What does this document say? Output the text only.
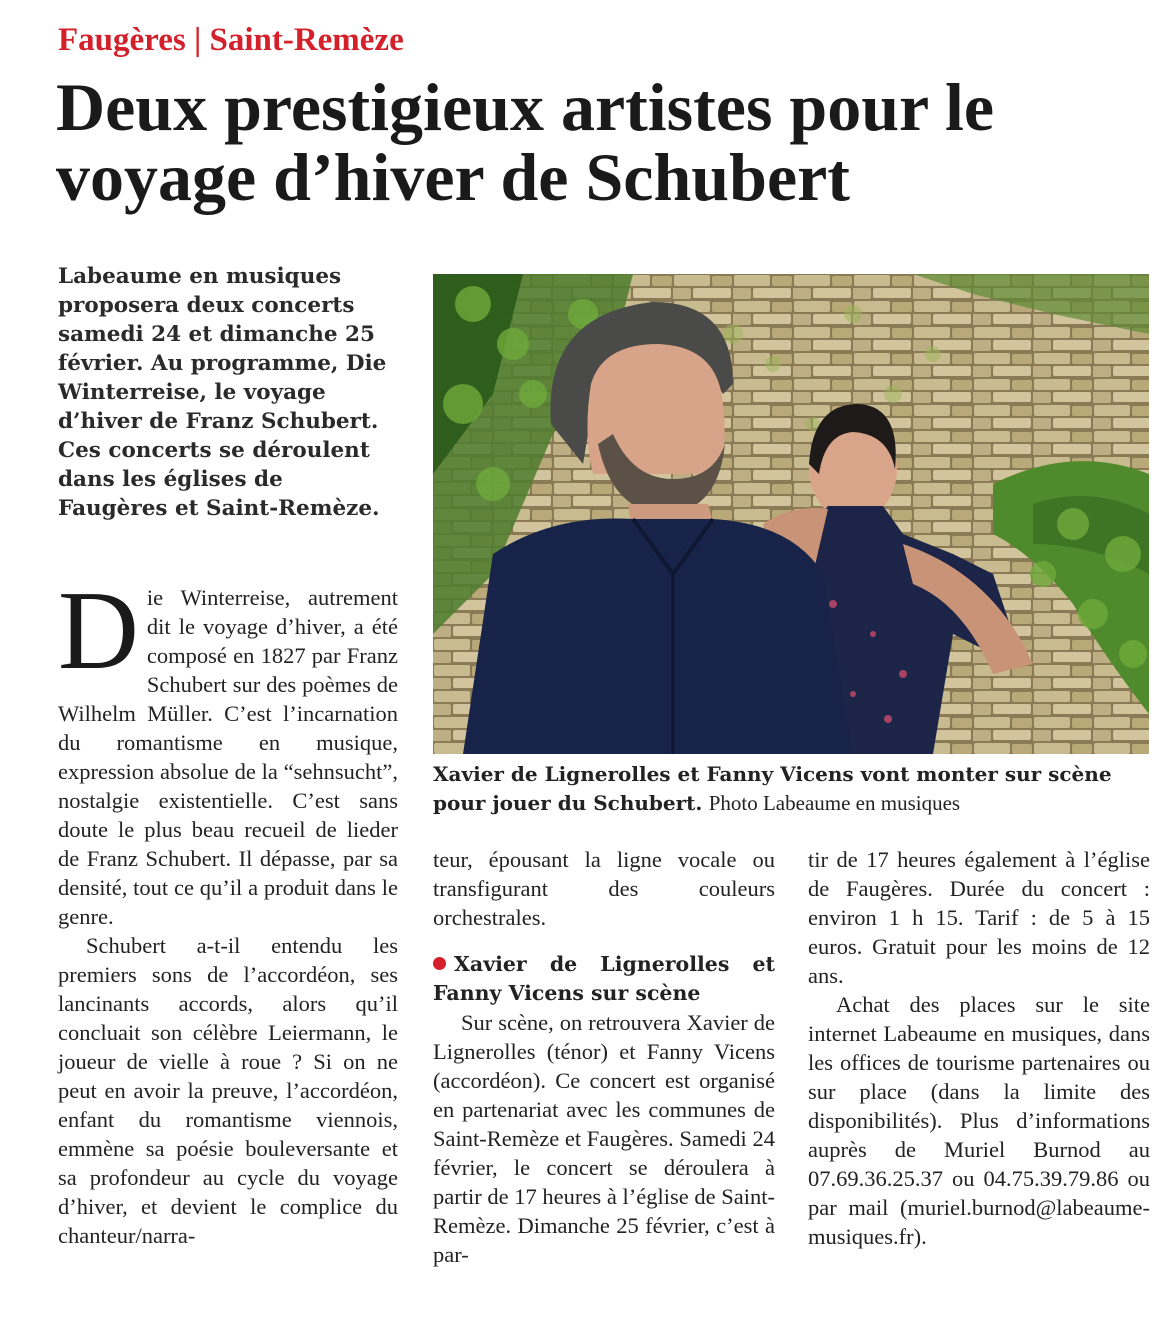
Faugères | Saint-Remèze
Deux prestigieux artistes pour le voyage d’hiver de Schubert
Labeaume en musiques proposera deux concerts samedi 24 et dimanche 25 février. Au programme, Die Winterreise, le voyage d’hiver de Franz Schubert. Ces concerts se déroulent dans les églises de Faugères et Saint-Remèze.
Xavier de Lignerolles et Fanny Vicens vont monter sur scène pour jouer du Schubert. Photo Labeaume en musiques

Die Winterreise, autrement dit le voyage d’hiver, a été composé en 1827 par Franz Schubert sur des poèmes de Wilhelm Müller. C’est l’incarnation du romantisme en musique, expression absolue de la “sehnsucht”, nostalgie existentielle. C’est sans doute le plus beau recueil de lieder de Franz Schubert. Il dépasse, par sa densité, tout ce qu’il a produit dans le genre.

Schubert a-t-il entendu les premiers sons de l’accordéon, ses lancinants accords, alors qu’il concluait son célèbre Leiermann, le joueur de vielle à roue ? Si on ne peut en avoir la preuve, l’accordéon, enfant du romantisme viennois, emmène sa poésie bouleversante et sa profondeur au cycle du voyage d’hiver, et devient le complice du chanteur/narra-

teur, épousant la ligne vocale ou transfigurant des couleurs orchestrales.

Xavier de Lignerolles et Fanny Vicens sur scène

Sur scène, on retrouvera Xavier de Lignerolles (ténor) et Fanny Vicens (accordéon). Ce concert est organisé en partenariat avec les communes de Saint-Remèze et Faugères. Samedi 24 février, le concert se déroulera à partir de 17 heures à l’église de Saint-Remèze. Dimanche 25 février, c’est à par-

tir de 17 heures également à l’église de Faugères. Durée du concert : environ 1 h 15. Tarif : de 5 à 15 euros. Gratuit pour les moins de 12 ans.

Achat des places sur le site internet Labeaume en musiques, dans les offices de tourisme partenaires ou sur place (dans la limite des disponibilités). Plus d’informations auprès de Muriel Burnod au 07.69.36.25.37 ou 04.75.39.79.86 ou par mail (muriel.burnod@labeaume-musiques.fr).
